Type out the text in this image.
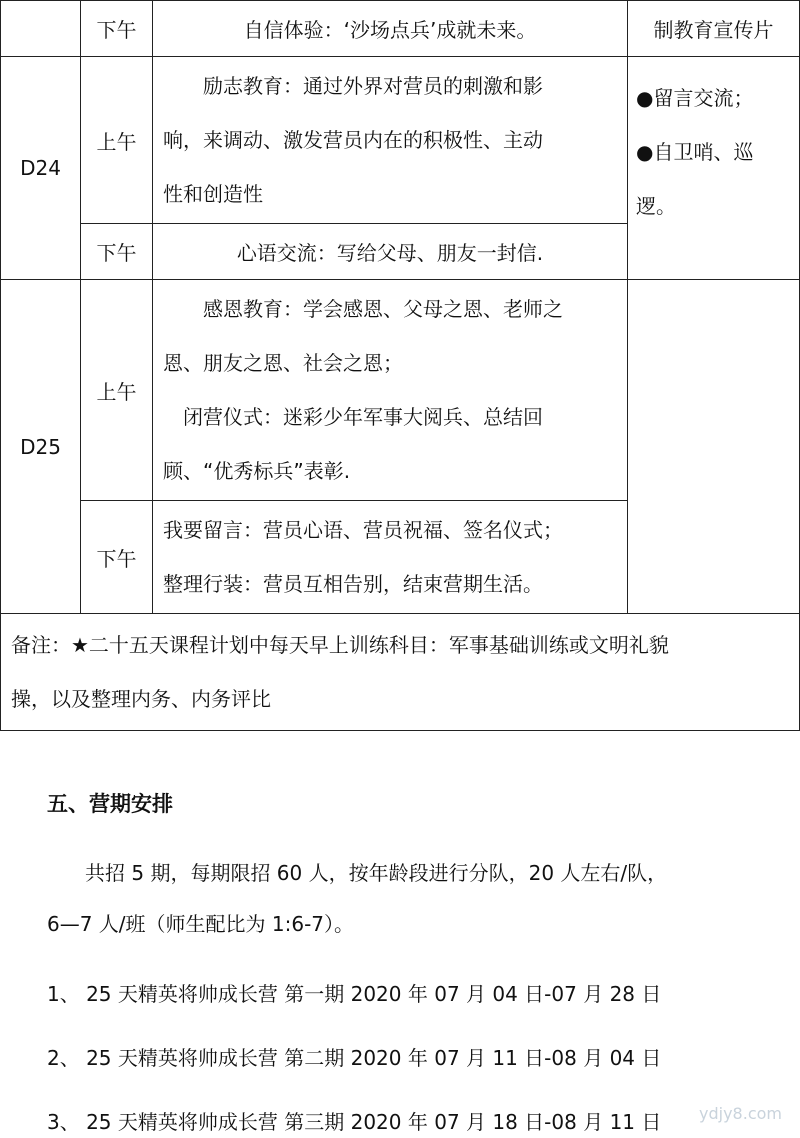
	下午	自信体验：‘沙场点兵’成就未来。	制教育宣传片
D24	上午	励志教育：通过外界对营员的刺激和影
响，来调动、激发营员内在的积极性、主动
性和创造性	●留言交流；
●自卫哨、巡
逻。

	下午	心语交流：写给父母、朋友一封信.	
D25	上午	感恩教育：学会感恩、父母之恩、老师之
恩、朋友之恩、社会之恩；
闭营仪式：迷彩少年军事大阅兵、总结回
顾、“优秀标兵”表彰.	

	下午	我要留言：营员心语、营员祝福、签名仪式；
整理行装：营员互相告别，结束营期生活。	

备注：★二十五天课程计划中每天早上训练科目：军事基础训练或文明礼貌
操，以及整理内务、内务评比			
五、营期安排

共招 5 期，每期限招 60 人，按年龄段进行分队，20 人左右/队，
6—7 人/班（师生配比为 1:6-7）。

1、 25 天精英将帅成长营 第一期 2020 年 07 月 04 日-07 月 28 日

2、 25 天精英将帅成长营 第二期 2020 年 07 月 11 日-08 月 04 日

3、 25 天精英将帅成长营 第三期 2020 年 07 月 18 日-08 月 11 日 ydjy8.com
